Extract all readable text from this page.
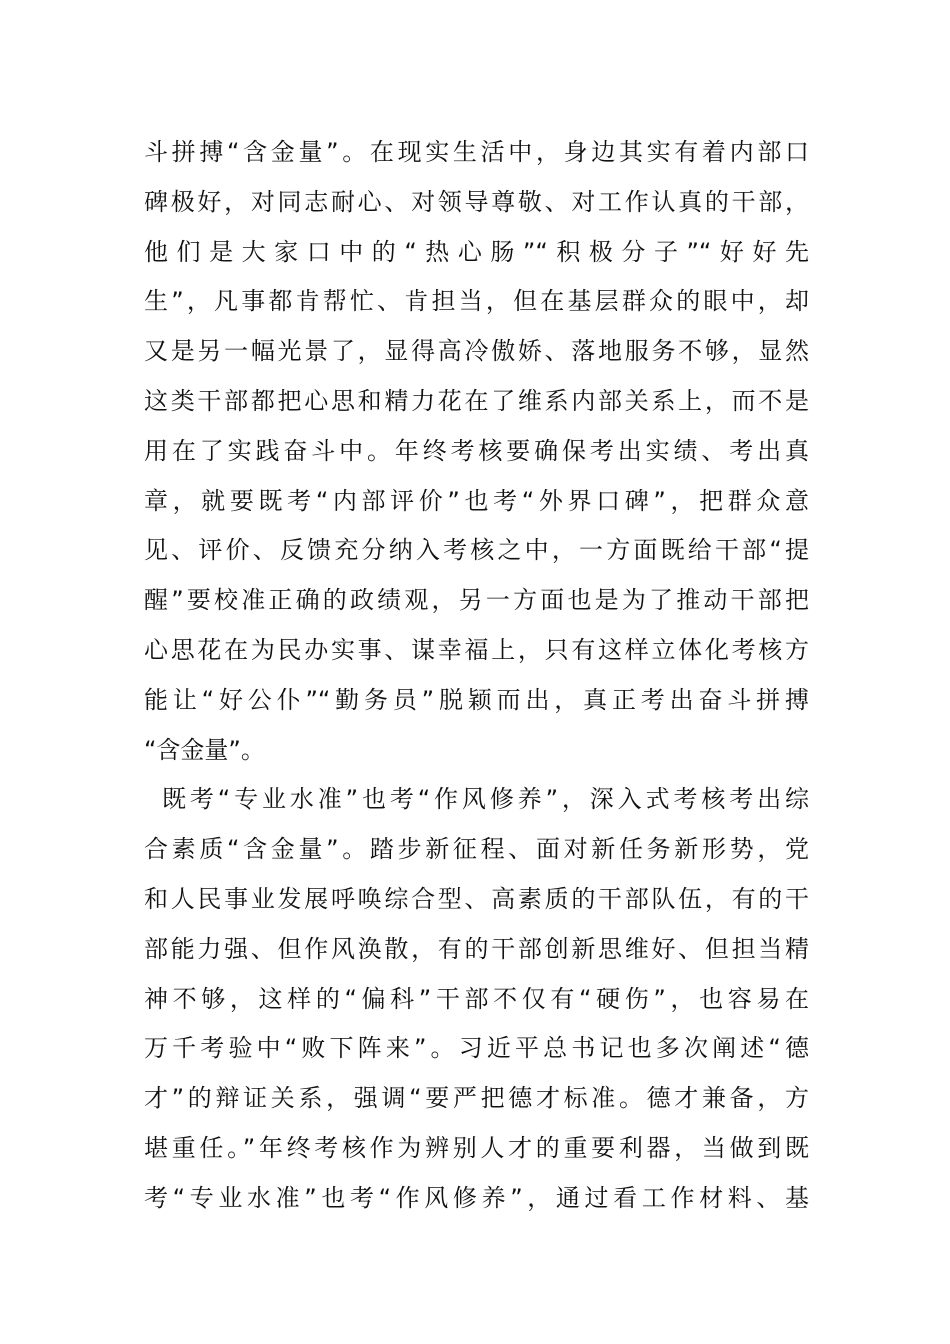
斗拼搏“含金量”。在现实生活中，身边其实有着内部口
碑极好，对同志耐心、对领导尊敬、对工作认真的干部，
他们是大家口中的“热心肠”“积极分子”“好好先
生”，凡事都肯帮忙、肯担当，但在基层群众的眼中，却
又是另一幅光景了，显得高冷傲娇、落地服务不够，显然
这类干部都把心思和精力花在了维系内部关系上，而不是
用在了实践奋斗中。年终考核要确保考出实绩、考出真
章，就要既考“内部评价”也考“外界口碑”，把群众意
见、评价、反馈充分纳入考核之中，一方面既给干部“提
醒”要校准正确的政绩观，另一方面也是为了推动干部把
心思花在为民办实事、谋幸福上，只有这样立体化考核方
能让“好公仆”“勤务员”脱颖而出，真正考出奋斗拼搏
“含金量”。
既考“专业水准”也考“作风修养”，深入式考核考出综
合素质“含金量”。踏步新征程、面对新任务新形势，党
和人民事业发展呼唤综合型、高素质的干部队伍，有的干
部能力强、但作风涣散，有的干部创新思维好、但担当精
神不够，这样的“偏科”干部不仅有“硬伤”，也容易在
万千考验中“败下阵来”。习近平总书记也多次阐述“德
才”的辩证关系，强调“要严把德才标准。德才兼备，方
堪重任。”年终考核作为辨别人才的重要利器，当做到既
考“专业水准”也考“作风修养”，通过看工作材料、基
